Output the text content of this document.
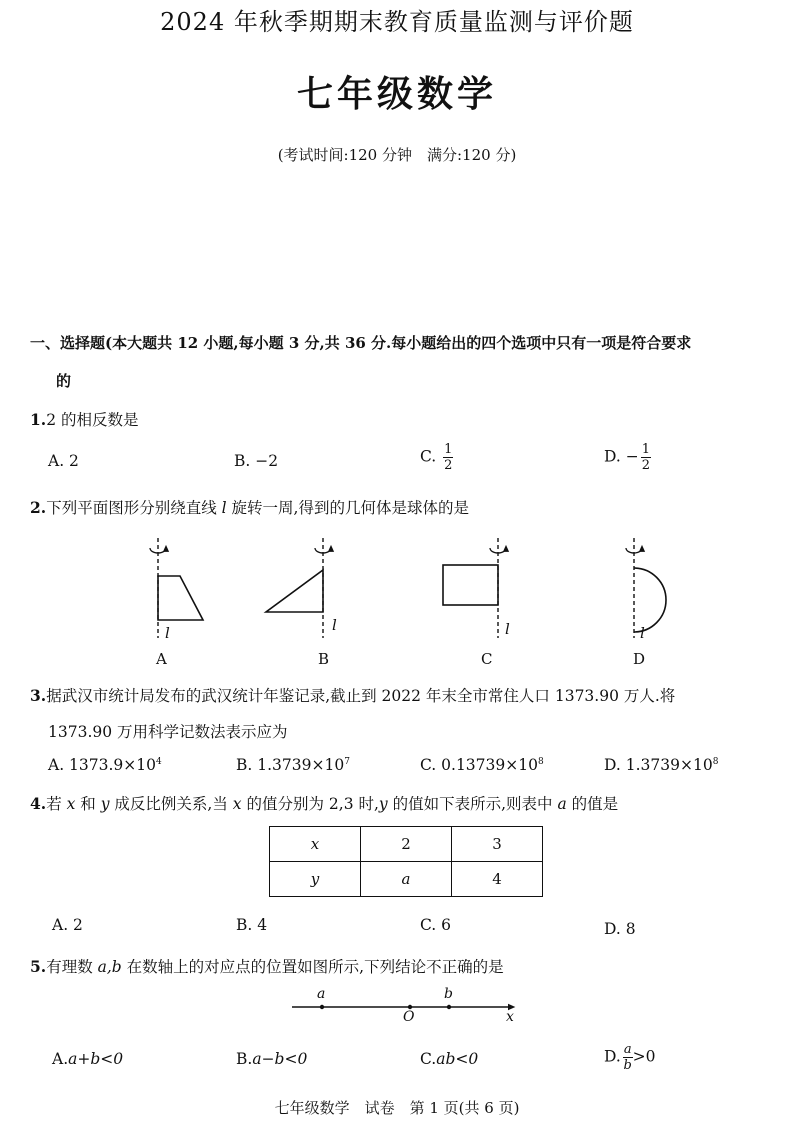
2024 年秋季期期末教育质量监测与评价题
七年级数学
(考试时间:120 分钟　满分:120 分)
一、选择题(本大题共 12 小题,每小题 3 分,共 36 分.每小题给出的四个选项中只有一项是符合要求
的
1.2 的相反数是
A. 2	B. −2	C. $\frac{1}{2}$	D. − $\frac{1}{2}$
2.下列平面图形分别绕直线 l 旋转一周,得到的几何体是球体的是
l	l	l	l
A	B	C	D
3.据武汉市统计局发布的武汉统计年鉴记录,截止到 2022 年末全市常住人口 1373.90 万人.将
1373.90 万用科学记数法表示应为
A. $1373.9\times 10^4$	B. $1.3739\times 10^7$	C. $0.13739\times 10^8$	D. $1.3739\times 10^8$
4.若 x 和 y 成反比例关系,当 x 的值分别为 2,3 时,y 的值如下表所示,则表中 a 的值是
x	2	3
y	a	4
A. 2	B. 4	C. 6	D. 8
5.有理数 a,b 在数轴上的对应点的位置如图所示,下列结论不正确的是
a	b
O	x
A.a+b<0	B.a−b<0	C.ab<0	D. $\frac{a}{b} >0$
七年级数学　试卷　第 1 页(共 6 页)
